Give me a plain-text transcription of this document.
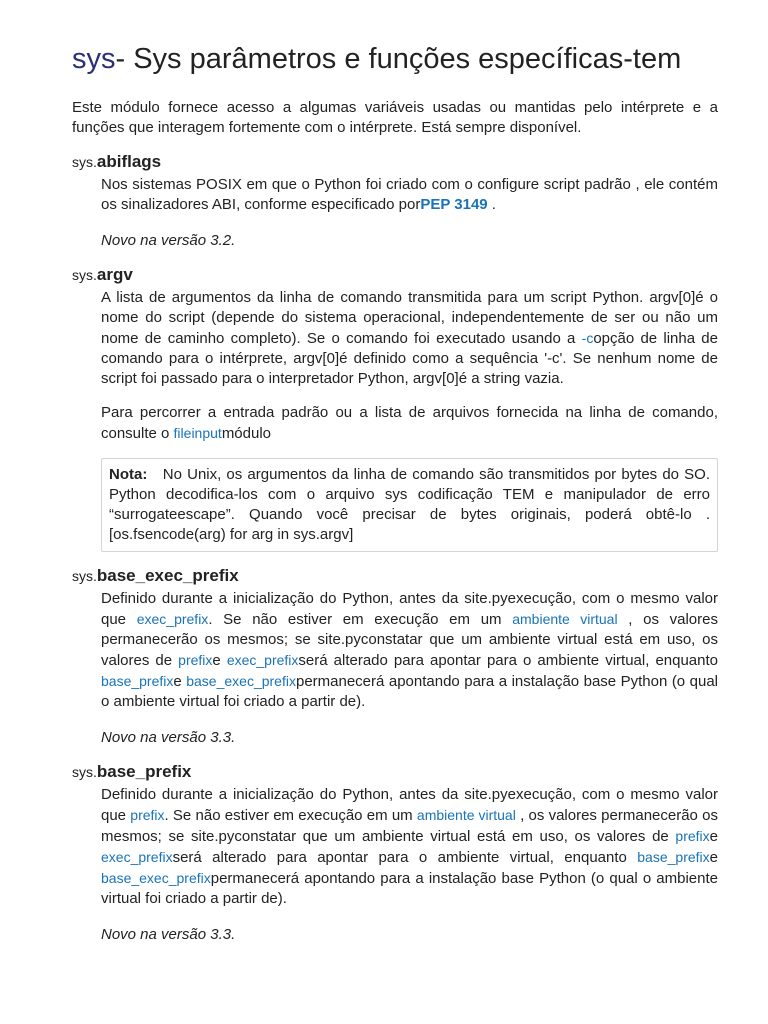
sys- Sys parâmetros e funções específicas-tem

Este módulo fornece acesso a algumas variáveis usadas ou mantidas pelo intérprete e a funções que interagem fortemente com o intérprete. Está sempre disponível.

sys.abiflags

Nos sistemas POSIX em que o Python foi criado com o configure script padrão , ele contém os sinalizadores ABI, conforme especificado porPEP 3149 .

Novo na versão 3.2.

sys.argv

A lista de argumentos da linha de comando transmitida para um script Python. argv[0]é o nome do script (depende do sistema operacional, independentemente de ser ou não um nome de caminho completo). Se o comando foi executado usando a -copção de linha de comando para o intérprete, argv[0]é definido como a sequência '-c'. Se nenhum nome de script foi passado para o interpretador Python, argv[0]é a string vazia.

Para percorrer a entrada padrão ou a lista de arquivos fornecida na linha de comando, consulte o fileinputmódulo

Nota: No Unix, os argumentos da linha de comando são transmitidos por bytes do SO. Python decodifica-los com o arquivo sys codificação TEM e manipulador de erro “surrogateescape”. Quando você precisar de bytes originais, poderá obtê-lo . [os.fsencode(arg) for arg in sys.argv]
sys.base_exec_prefix

Definido durante a inicialização do Python, antes da site.pyexecução, com o mesmo valor que exec_prefix. Se não estiver em execução em um ambiente virtual , os valores permanecerão os mesmos; se site.pyconstatar que um ambiente virtual está em uso, os valores de prefixe exec_prefixserá alterado para apontar para o ambiente virtual, enquanto base_prefixe base_exec_prefixpermanecerá apontando para a instalação base Python (o qual o ambiente virtual foi criado a partir de).

Novo na versão 3.3.

sys.base_prefix

Definido durante a inicialização do Python, antes da site.pyexecução, com o mesmo valor que prefix. Se não estiver em execução em um ambiente virtual , os valores permanecerão os mesmos; se site.pyconstatar que um ambiente virtual está em uso, os valores de prefixe exec_prefixserá alterado para apontar para o ambiente virtual, enquanto base_prefixe base_exec_prefixpermanecerá apontando para a instalação base Python (o qual o ambiente virtual foi criado a partir de).

Novo na versão 3.3.
